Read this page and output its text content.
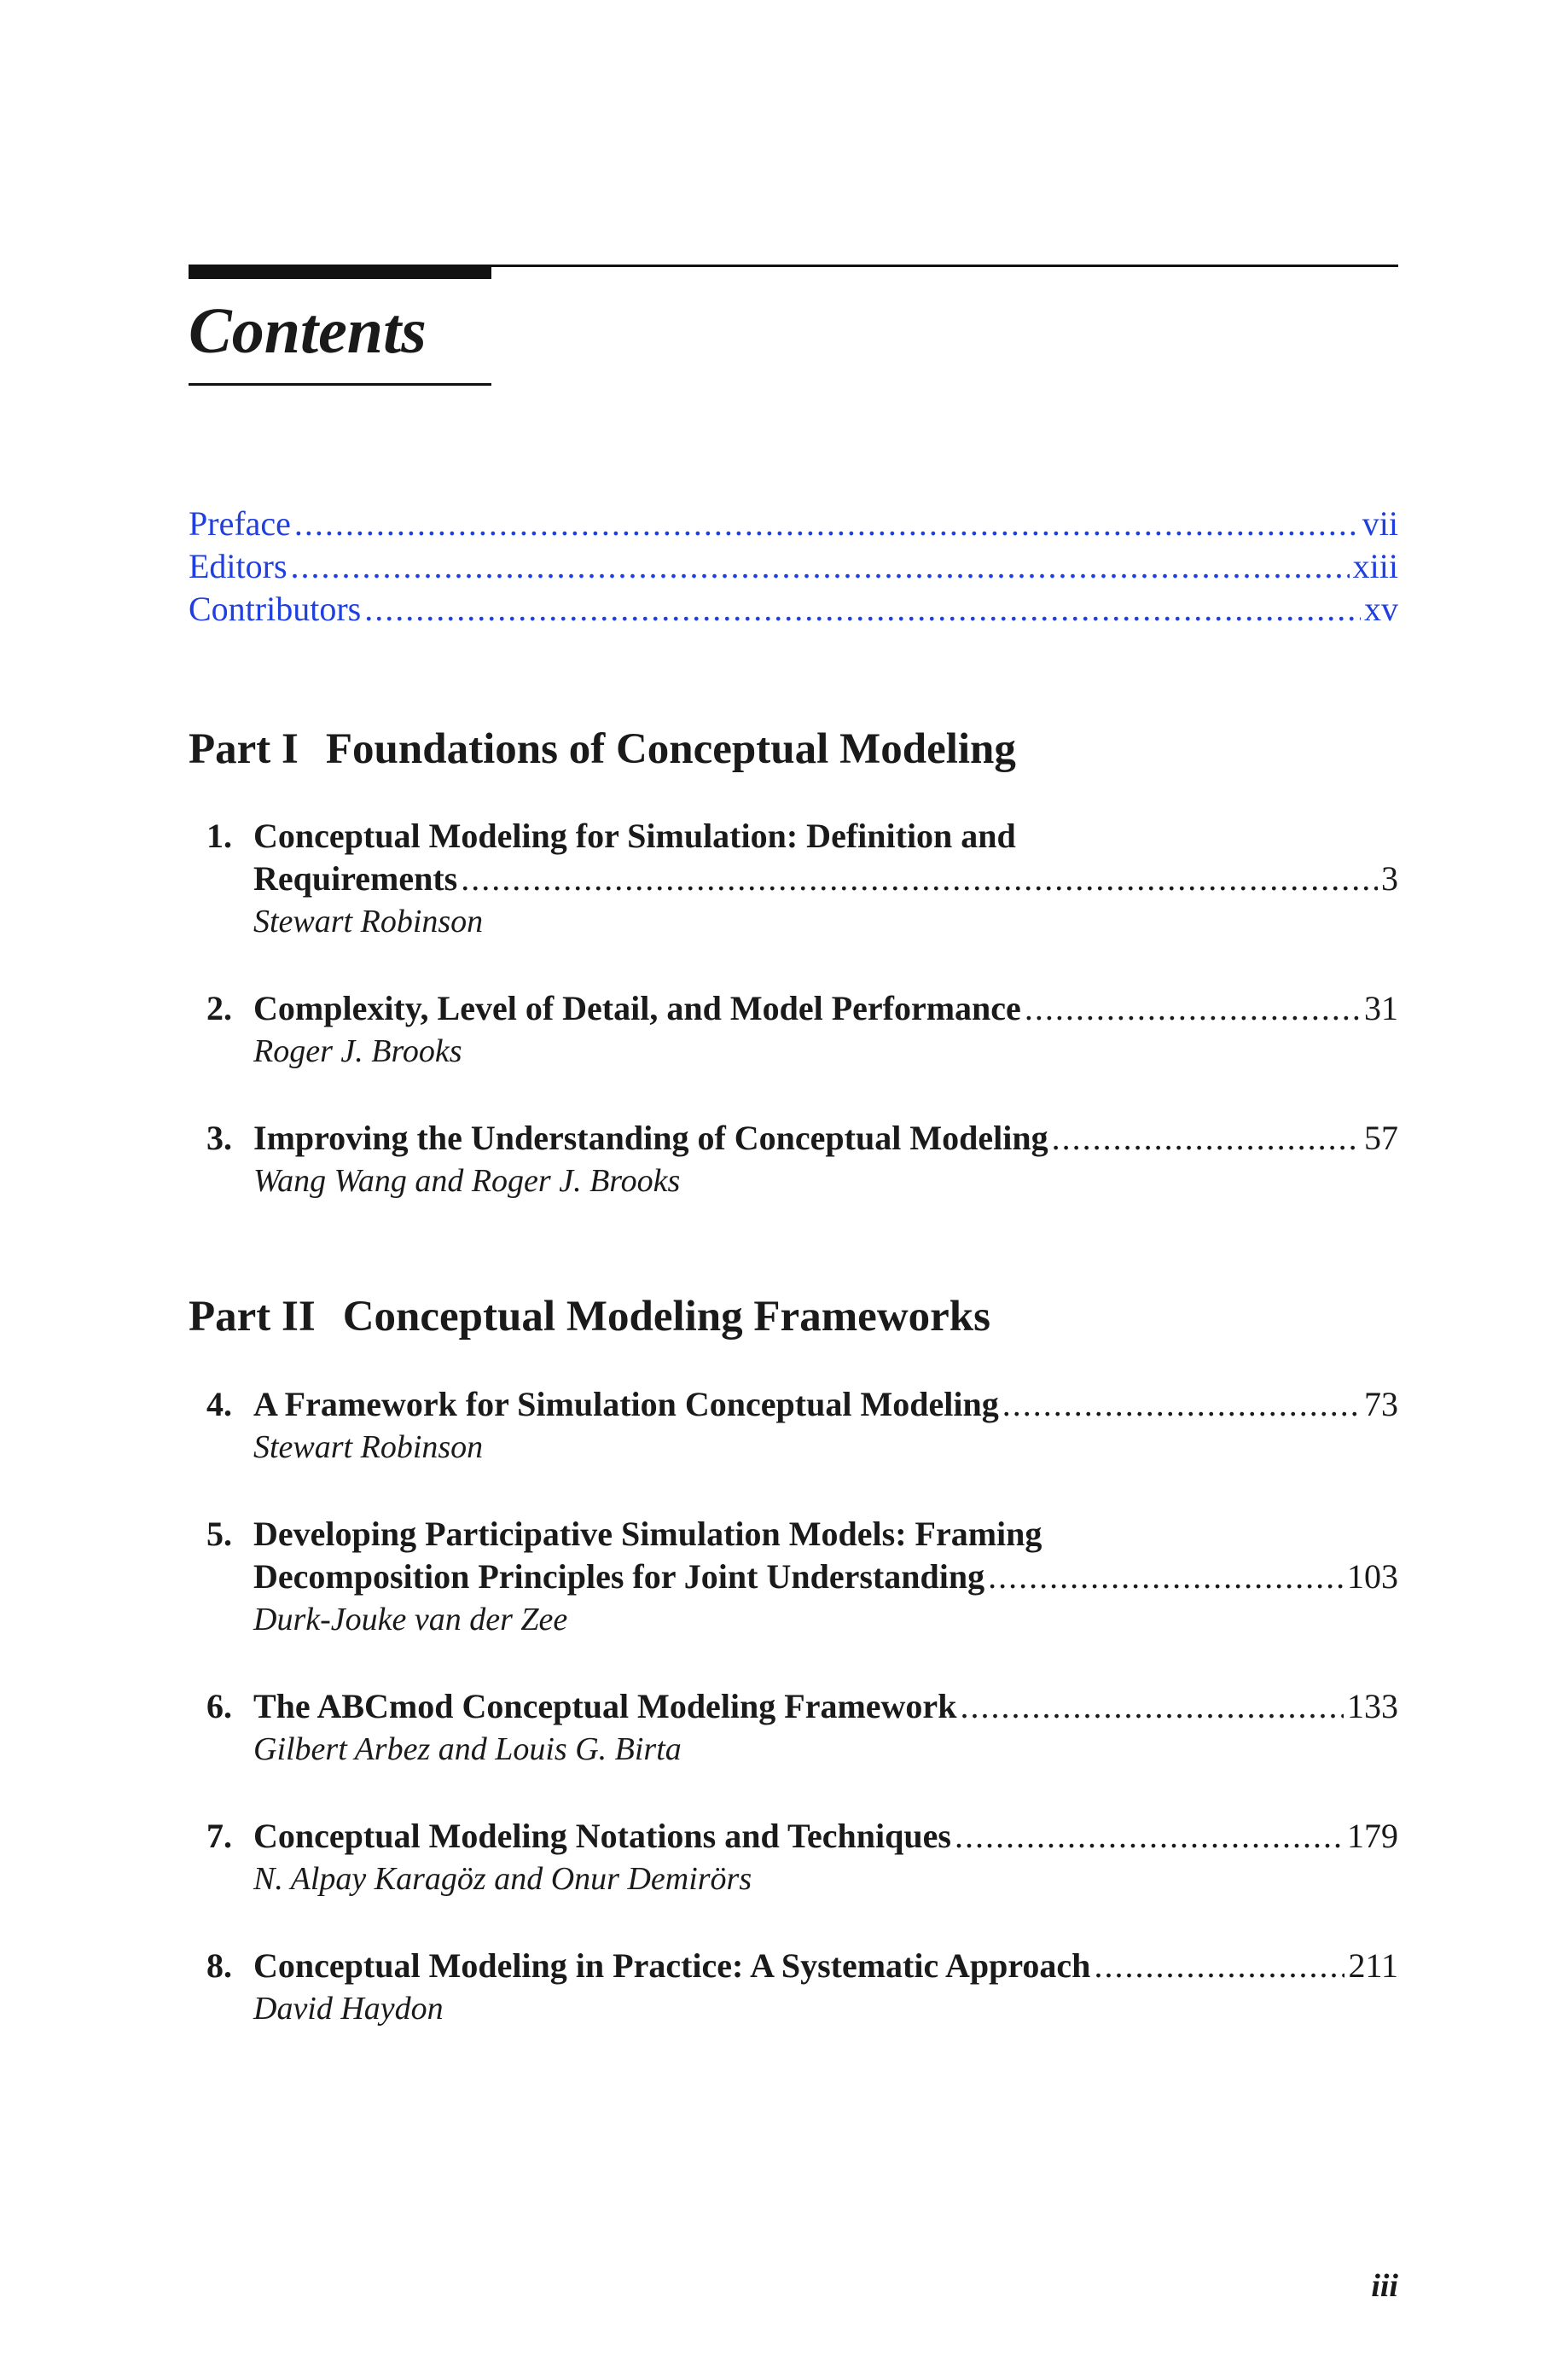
Contents
Preface .....	vii
Editors .....	xiii
Contributors .....	xv
Part I Foundations of Conceptual Modeling
1. Conceptual Modeling for Simulation: Definition and
Requirements .....	3
Stewart Robinson
2. Complexity, Level of Detail, and Model Performance .....	31
Roger J. Brooks
3. Improving the Understanding of Conceptual Modeling .....	57
Wang Wang and Roger J. Brooks
Part II Conceptual Modeling Frameworks
4. A Framework for Simulation Conceptual Modeling .....	73
Stewart Robinson
5. Developing Participative Simulation Models: Framing
Decomposition Principles for Joint Understanding .....	103
Durk-Jouke van der Zee
6. The ABCmod Conceptual Modeling Framework .....	133
Gilbert Arbez and Louis G. Birta
7. Conceptual Modeling Notations and Techniques .....	179
N. Alpay Karagöz and Onur Demirörs
8. Conceptual Modeling in Practice: A Systematic Approach .....	211
David Haydon
iii
